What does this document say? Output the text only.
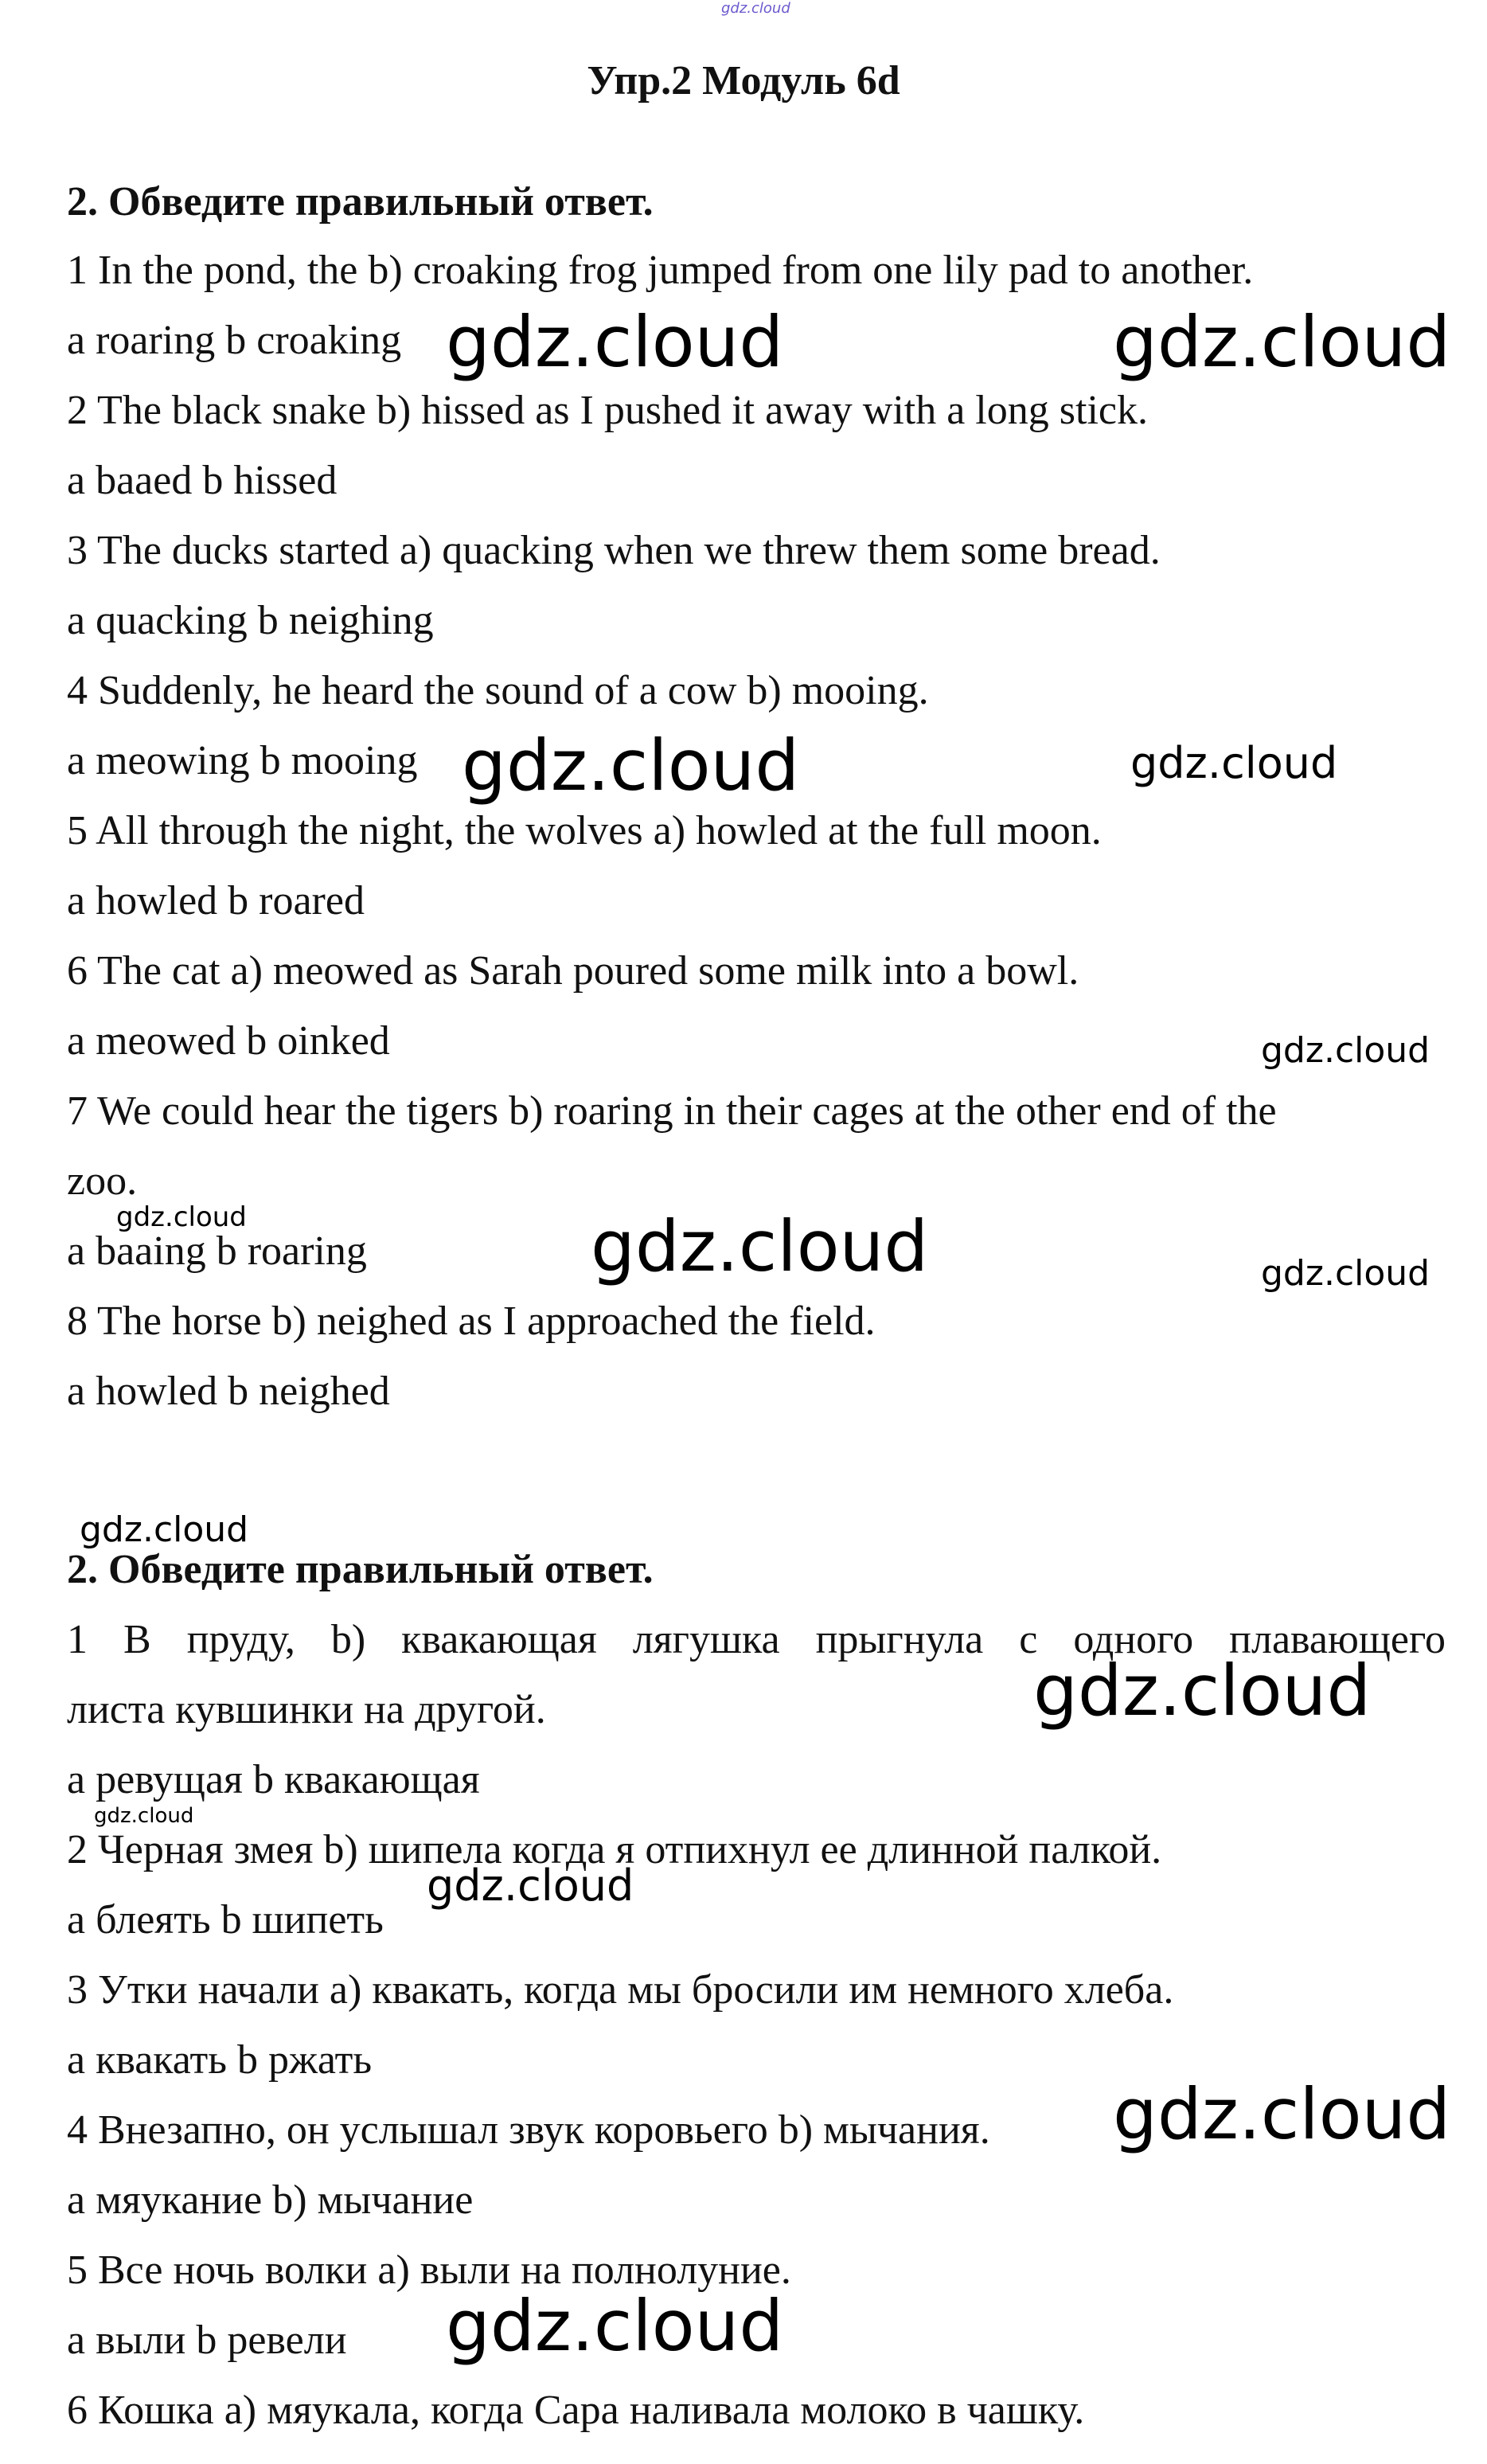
gdz.cloud
Упр.2 Модуль 6d
2. Обведите правильный ответ.
1 In the pond, the b) croaking frog jumped from one lily pad to another.
a roaring b croaking
2 The black snake b) hissed as I pushed it away with a long stick.
a baaed b hissed
3 The ducks started a) quacking when we threw them some bread.
a quacking b neighing
4 Suddenly, he heard the sound of a cow b) mooing.
a meowing b mooing
5 All through the night, the wolves a) howled at the full moon.
a howled b roared
6 The cat a) meowed as Sarah poured some milk into a bowl.
a meowed b oinked
7 We could hear the tigers b) roaring in their cages at the other end of the
zoo.
a baaing b roaring
8 The horse b) neighed as I approached the field.
a howled b neighed
2. Обведите правильный ответ.
1 В пруду, b) квакающая лягушка прыгнула с одного плавающего
листа кувшинки на другой.
a ревущая b квакающая
2 Черная змея b) шипела когда я отпихнул ее длинной палкой.
a блеять b шипеть
3 Утки начали a) квакать, когда мы бросили им немного хлеба.
a квакать b ржать
4 Внезапно, он услышал звук коровьего b) мычания.
a мяукание b) мычание
5 Все ночь волки a) выли на полнолуние.
a выли b ревели
6 Кошка a) мяукала, когда Сара наливала молоко в чашку.
gdz.cloud	gdz.cloud
gdz.cloud	gdz.cloud
gdz.cloud
gdz.cloud	gdz.cloud	gdz.cloud
gdz.cloud
gdz.cloud
gdz.cloud
gdz.cloud
gdz.cloud
gdz.cloud
